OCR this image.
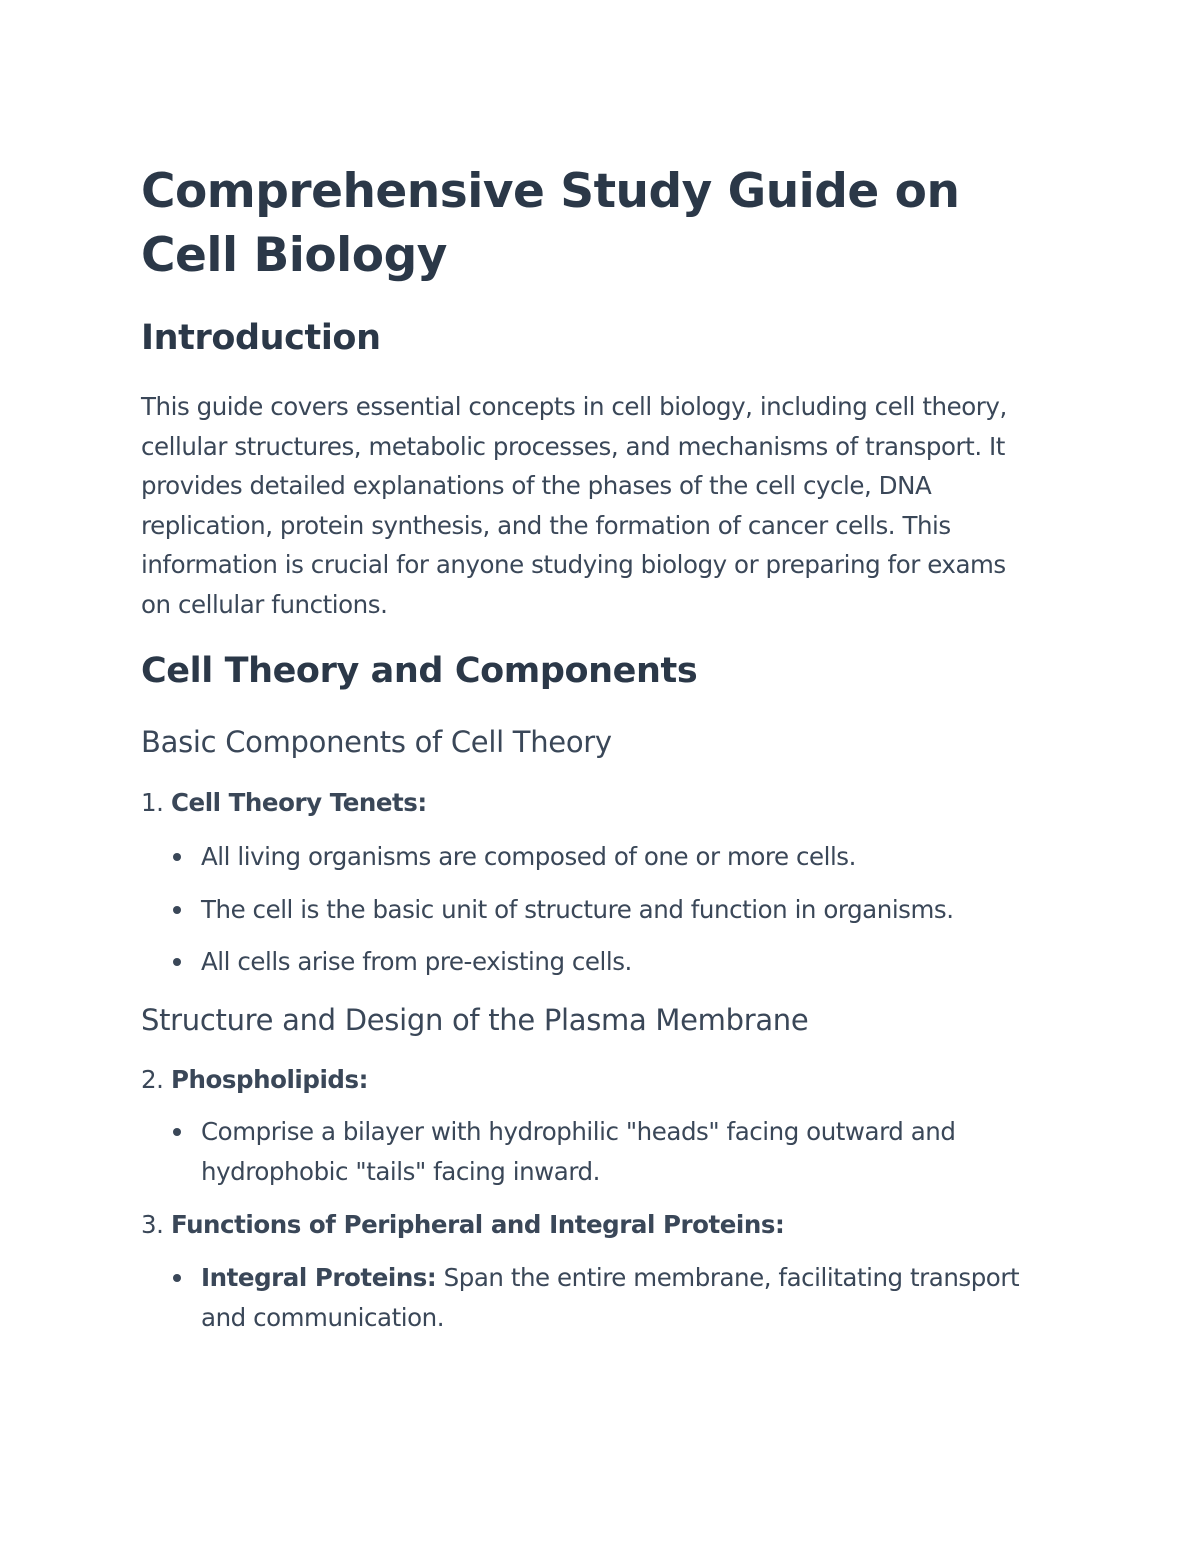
Comprehensive Study Guide on Cell Biology
Introduction

This guide covers essential concepts in cell biology, including cell theory, cellular structures, metabolic processes, and mechanisms of transport. It provides detailed explanations of the phases of the cell cycle, DNA replication, protein synthesis, and the formation of cancer cells. This information is crucial for anyone studying biology or preparing for exams on cellular functions.

Cell Theory and Components
Basic Components of Cell Theory
1. Cell Theory Tenets:
All living organisms are composed of one or more cells.
The cell is the basic unit of structure and function in organisms.
All cells arise from pre-existing cells.
Structure and Design of the Plasma Membrane
2. Phospholipids:
Comprise a bilayer with hydrophilic "heads" facing outward and hydrophobic "tails" facing inward.
3. Functions of Peripheral and Integral Proteins:
Integral Proteins: Span the entire membrane, facilitating transport and communication.
